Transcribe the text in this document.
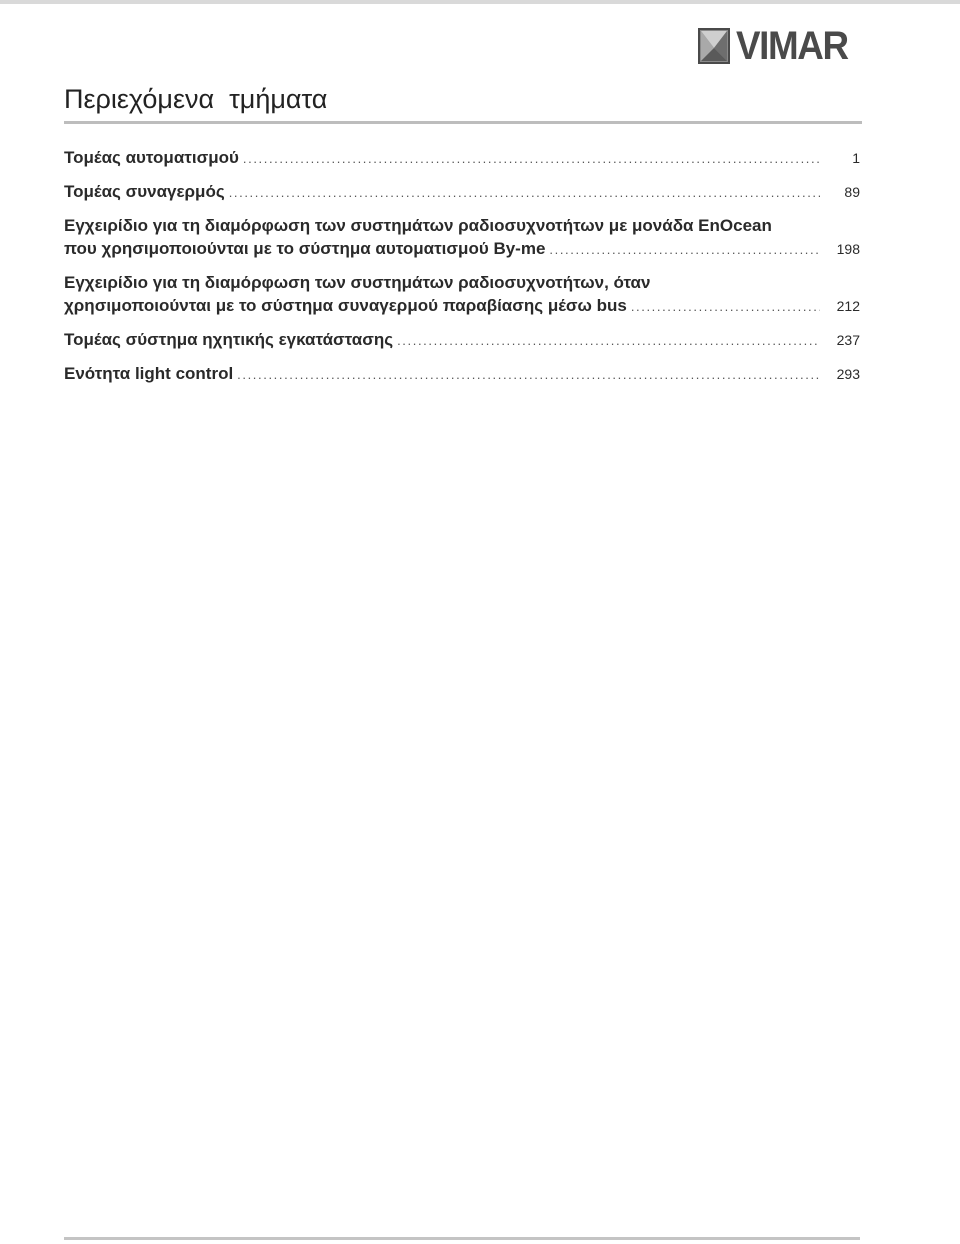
VIMAR
Περιεχόμενα  τμήματα
Τομέας αυτοματισμού .....	1
Τομέας συναγερμός .....	89
Εγχειρίδιο για τη διαμόρφωση των συστημάτων ραδιοσυχνοτήτων με μονάδα EnOcean
που χρησιμοποιούνται με το σύστημα αυτοματισμού By-me .....	198
Εγχειρίδιο για τη διαμόρφωση των συστημάτων ραδιοσυχνοτήτων, όταν
χρησιμοποιούνται με το σύστημα συναγερμού παραβίασης μέσω bus .....	212
Τομέας σύστημα ηχητικής εγκατάστασης .....	237
Ενότητα light control .....	293
